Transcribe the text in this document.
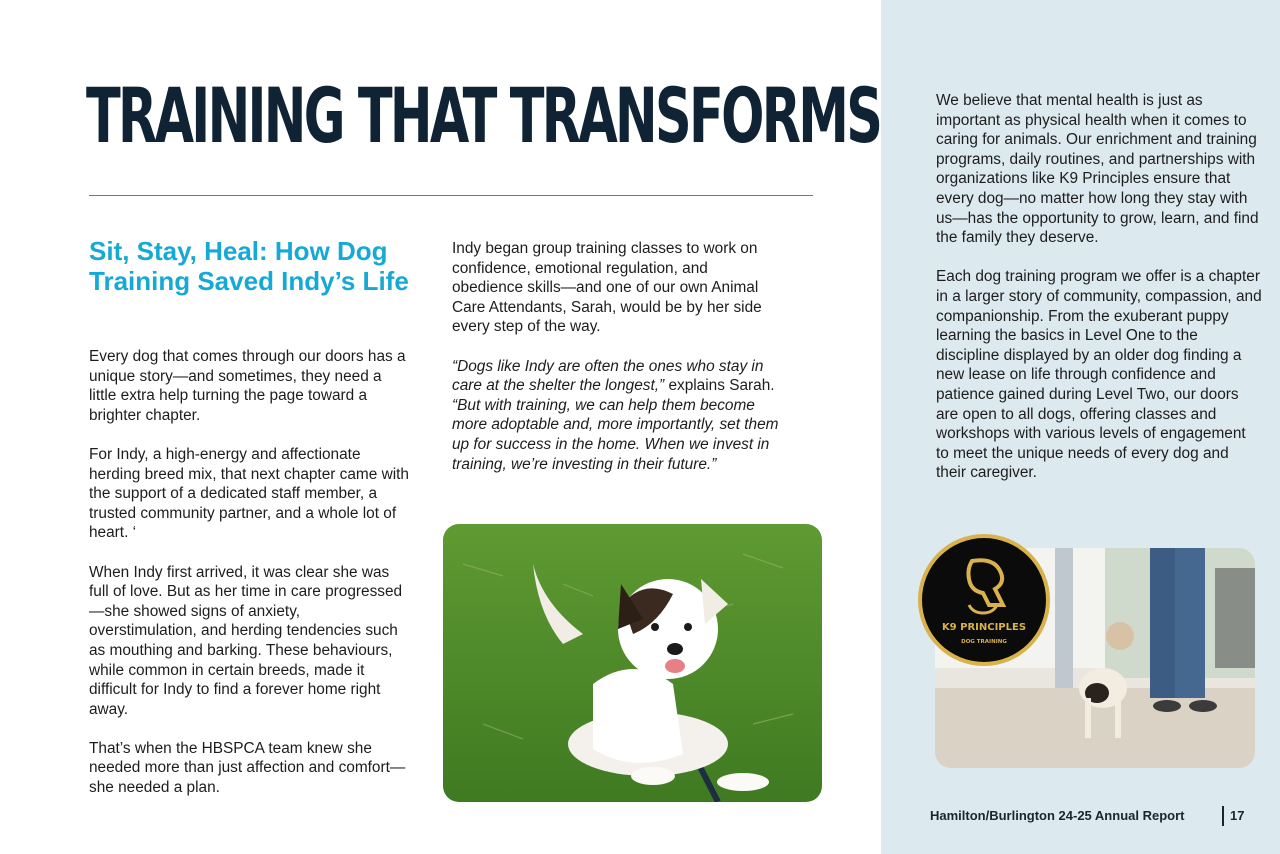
TRAINING THAT TRANSFORMS
Sit, Stay, Heal: How Dog Training Saved Indy’s Life

Every dog that comes through our doors has a unique story—and sometimes, they need a little extra help turning the page toward a brighter chapter.

For Indy, a high-energy and affectionate herding breed mix, that next chapter came with the support of a dedicated staff member, a trusted community partner, and a whole lot of heart. ‘

When Indy first arrived, it was clear she was full of love. But as her time in care progressed—she showed signs of anxiety, overstimulation, and herding tendencies such as mouthing and barking. These behaviours, while common in certain breeds, made it difficult for Indy to find a forever home right away.

That’s when the HBSPCA team knew she needed more than just affection and comfort—she needed a plan.

Indy began group training classes to work on confidence, emotional regulation, and obedience skills—and one of our own Animal Care Attendants, Sarah, would be by her side every step of the way.

“Dogs like Indy are often the ones who stay in care at the shelter the longest,” explains Sarah. “But with training, we can help them become more adoptable and, more importantly, set them up for success in the home. When we invest in training, we’re investing in their future.”

We believe that mental health is just as important as physical health when it comes to caring for animals. Our enrichment and training programs, daily routines, and partnerships with organizations like K9 Principles ensure that every dog—no matter how long they stay with us—has the opportunity to grow, learn, and find the family they deserve.

Each dog training program we offer is a chapter in a larger story of community, compassion, and companionship. From the exuberant puppy learning the basics in Level One to the discipline displayed by an older dog finding a new lease on life through confidence and patience gained during Level Two, our doors are open to all dogs, offering classes and workshops with various levels of engagement to meet the unique needs of every dog and their caregiver.

K9 PRINCIPLES
DOG TRAINING
Hamilton/Burlington 24-25 Annual Report	17
